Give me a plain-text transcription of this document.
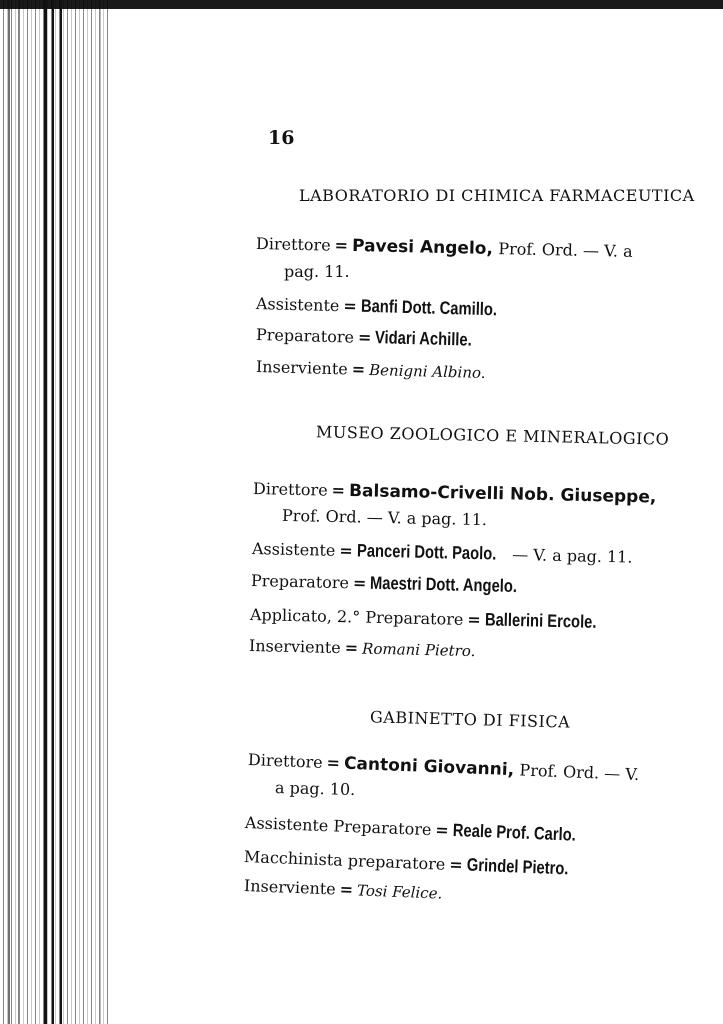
16
LABORATORIO DI CHIMICA FARMACEUTICA
Direttore = Pavesi Angelo, Prof. Ord. — V. a
pag. 11.
Assistente = Banfi Dott. Camillo.
Preparatore = Vidari Achille.
Inserviente = Benigni Albino.
MUSEO ZOOLOGICO E MINERALOGICO
Direttore = Balsamo-Crivelli Nob. Giuseppe,
Prof. Ord. — V. a pag. 11.
Assistente = Panceri Dott. Paolo. — V. a pag. 11.
Preparatore = Maestri Dott. Angelo.
Applicato, 2.° Preparatore = Ballerini Ercole.
Inserviente = Romani Pietro.
GABINETTO DI FISICA
Direttore = Cantoni Giovanni, Prof. Ord. — V.
a pag. 10.
Assistente Preparatore = Reale Prof. Carlo.
Macchinista preparatore = Grindel Pietro.
Inserviente = Tosi Felice.
